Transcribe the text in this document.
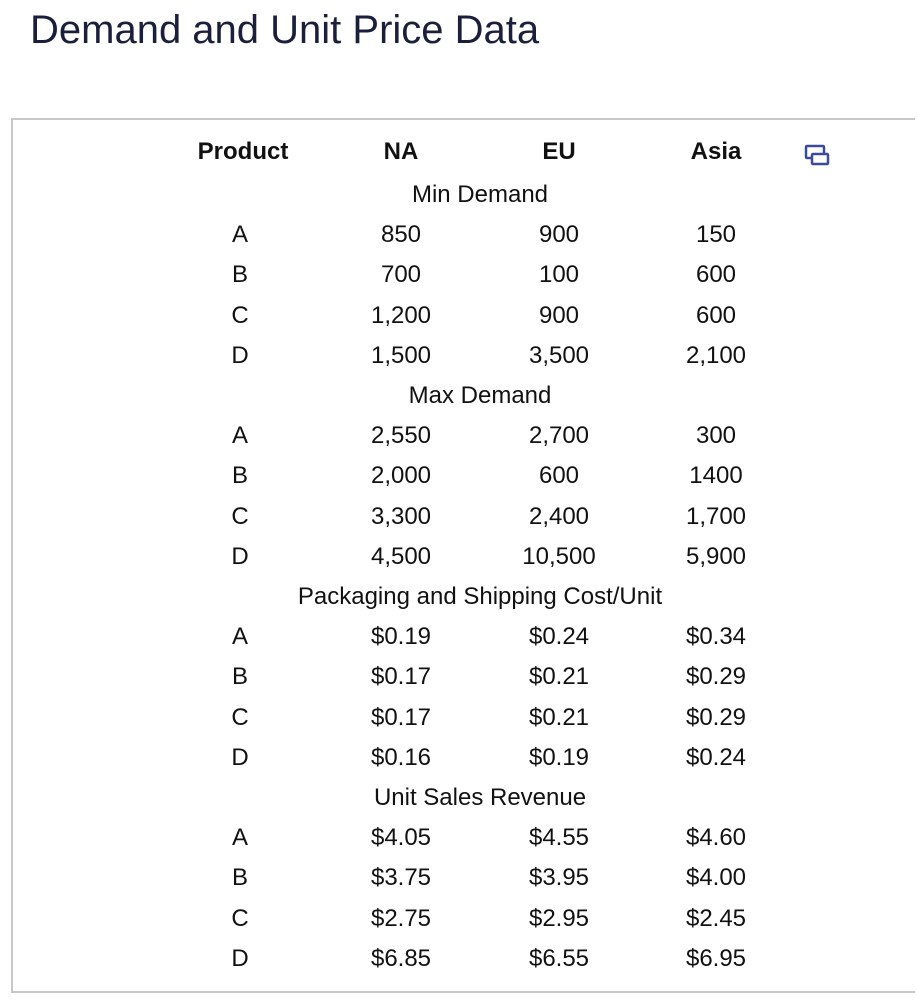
Demand and Unit Price Data
Product	NA	EU	Asia
Min Demand
A	850	900	150
B	700	100	600
C	1,200	900	600
D	1,500	3,500	2,100
Max Demand
A	2,550	2,700	300
B	2,000	600	1400
C	3,300	2,400	1,700
D	4,500	10,500	5,900
Packaging and Shipping Cost/Unit
A	$0.19	$0.24	$0.34
B	$0.17	$0.21	$0.29
C	$0.17	$0.21	$0.29
D	$0.16	$0.19	$0.24
Unit Sales Revenue
A	$4.05	$4.55	$4.60
B	$3.75	$3.95	$4.00
C	$2.75	$2.95	$2.45
D	$6.85	$6.55	$6.95
